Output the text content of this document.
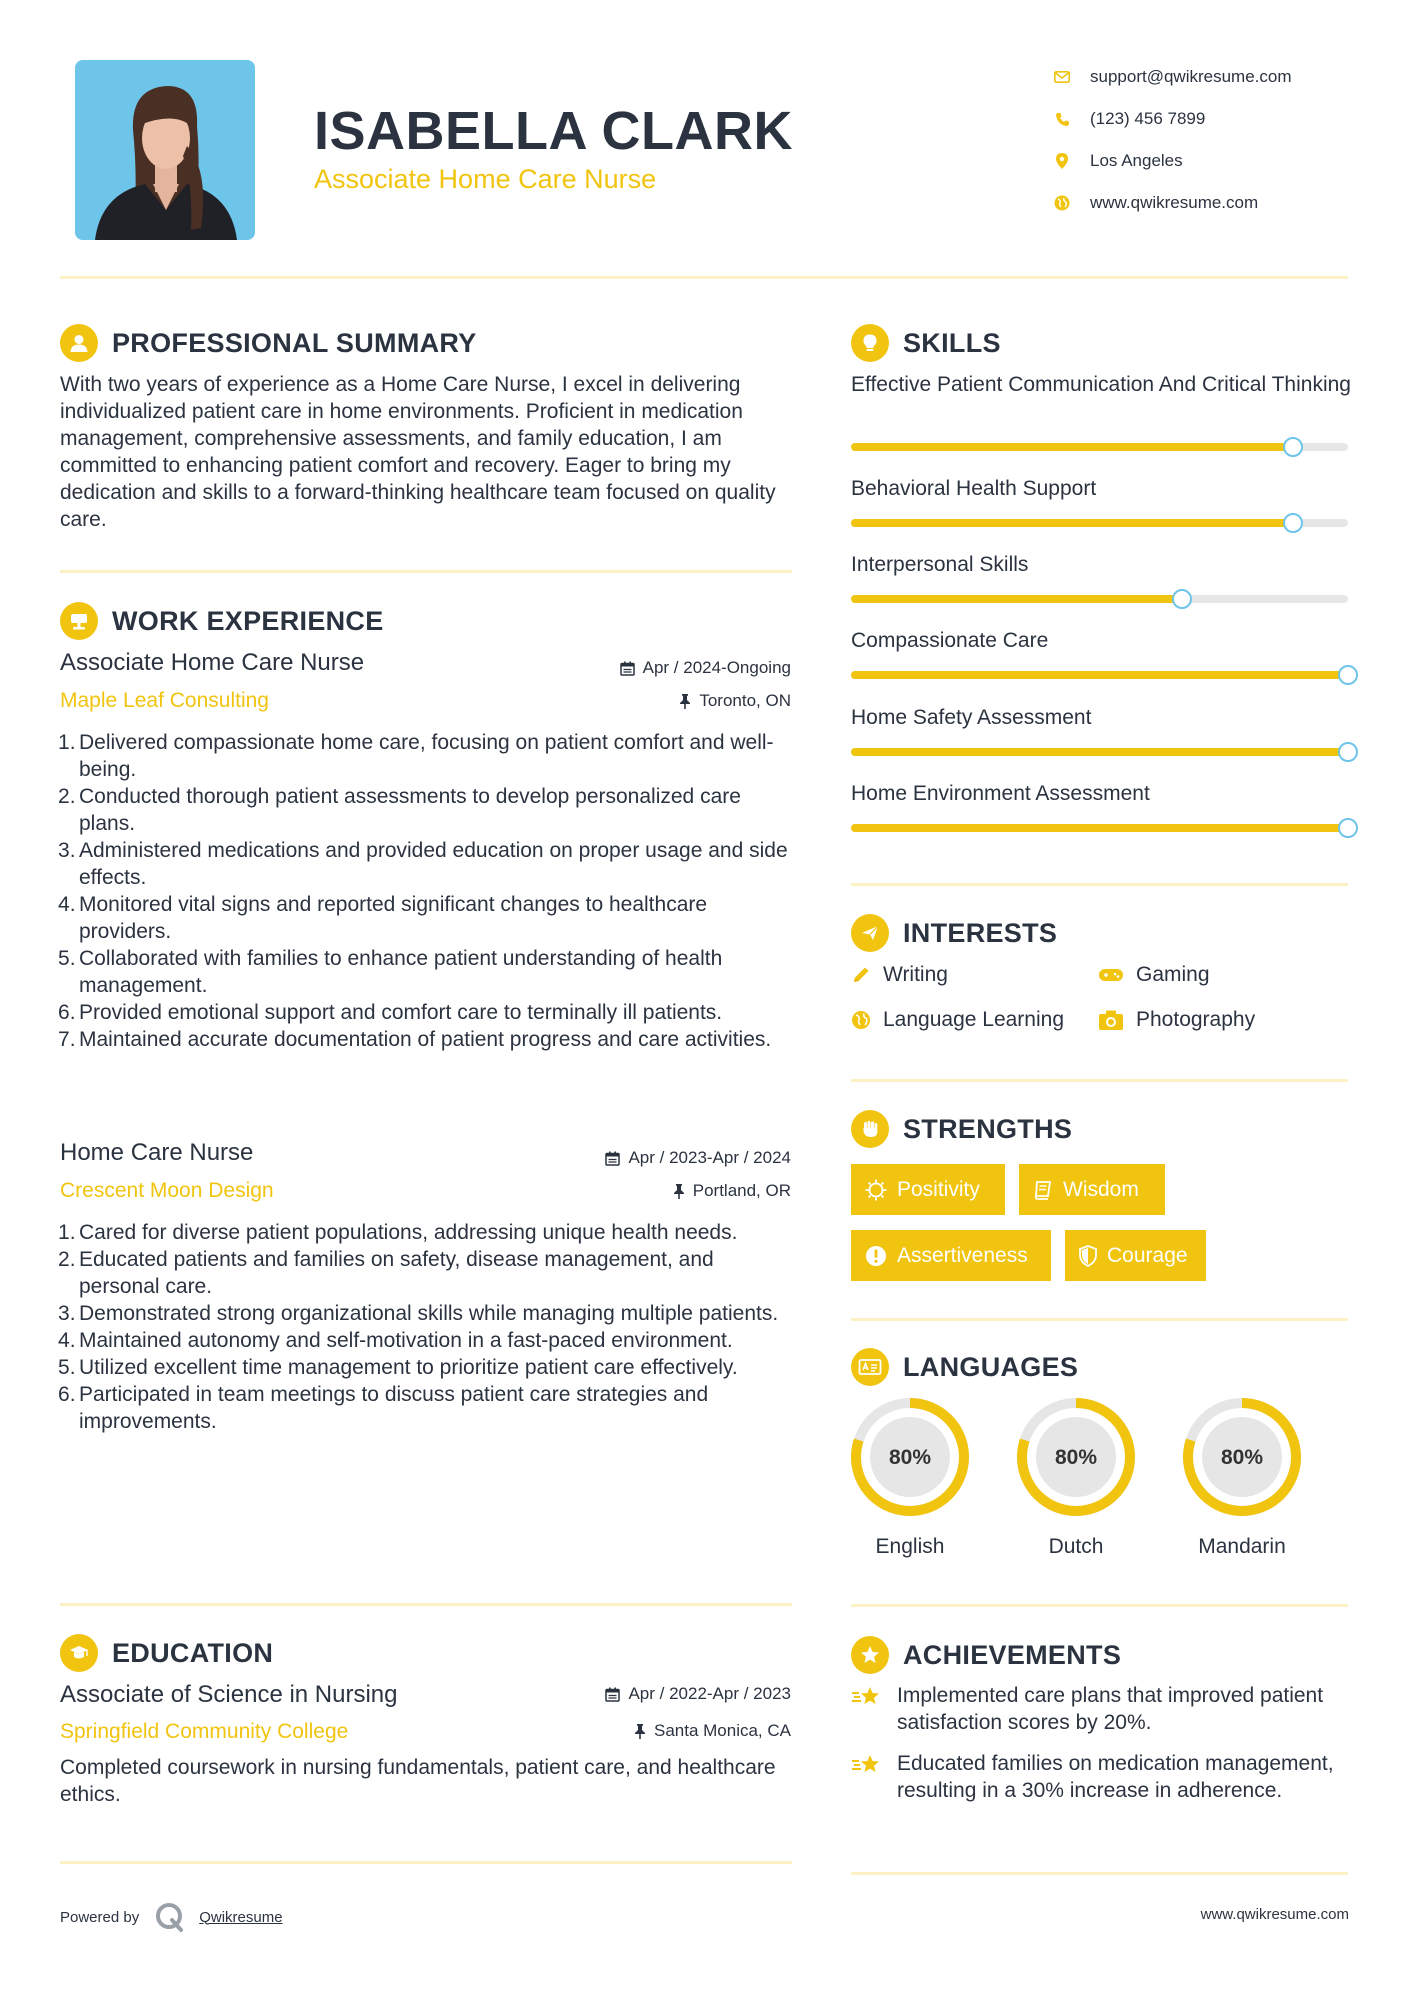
ISABELLA CLARK
Associate Home Care Nurse
support@qwikresume.com
(123) 456 7899
Los Angeles
www.qwikresume.com
PROFESSIONAL SUMMARY
With two years of experience as a Home Care Nurse, I excel in delivering individualized patient care in home environments. Proficient in medication management, comprehensive assessments, and family education, I am committed to enhancing patient comfort and recovery. Eager to bring my dedication and skills to a forward-thinking healthcare team focused on quality care.
WORK EXPERIENCE
Associate Home Care Nurse	Apr / 2024-Ongoing
Maple Leaf Consulting	Toronto, ON
Delivered compassionate home care, focusing on patient comfort and well-being.
Conducted thorough patient assessments to develop personalized care plans.
Administered medications and provided education on proper usage and side effects.
Monitored vital signs and reported significant changes to healthcare providers.
Collaborated with families to enhance patient understanding of health management.
Provided emotional support and comfort care to terminally ill patients.
Maintained accurate documentation of patient progress and care activities.
Home Care Nurse	Apr / 2023-Apr / 2024
Crescent Moon Design	Portland, OR
Cared for diverse patient populations, addressing unique health needs.
Educated patients and families on safety, disease management, and personal care.
Demonstrated strong organizational skills while managing multiple patients.
Maintained autonomy and self-motivation in a fast-paced environment.
Utilized excellent time management to prioritize patient care effectively.
Participated in team meetings to discuss patient care strategies and improvements.
EDUCATION
Associate of Science in Nursing	Apr / 2022-Apr / 2023
Springfield Community College	Santa Monica, CA
Completed coursework in nursing fundamentals, patient care, and healthcare ethics.
SKILLS
Effective Patient Communication And Critical Thinking
Behavioral Health Support
Interpersonal Skills
Compassionate Care
Home Safety Assessment
Home Environment Assessment
INTERESTS
Writing	Gaming
Language Learning	Photography
STRENGTHS
Positivity	Wisdom
Assertiveness	Courage
LANGUAGES
80%
English
80%
Dutch
80%
Mandarin
ACHIEVEMENTS
Implemented care plans that improved patient satisfaction scores by 20%.
Educated families on medication management, resulting in a 30% increase in adherence.
Powered by	Qwikresume	www.qwikresume.com
